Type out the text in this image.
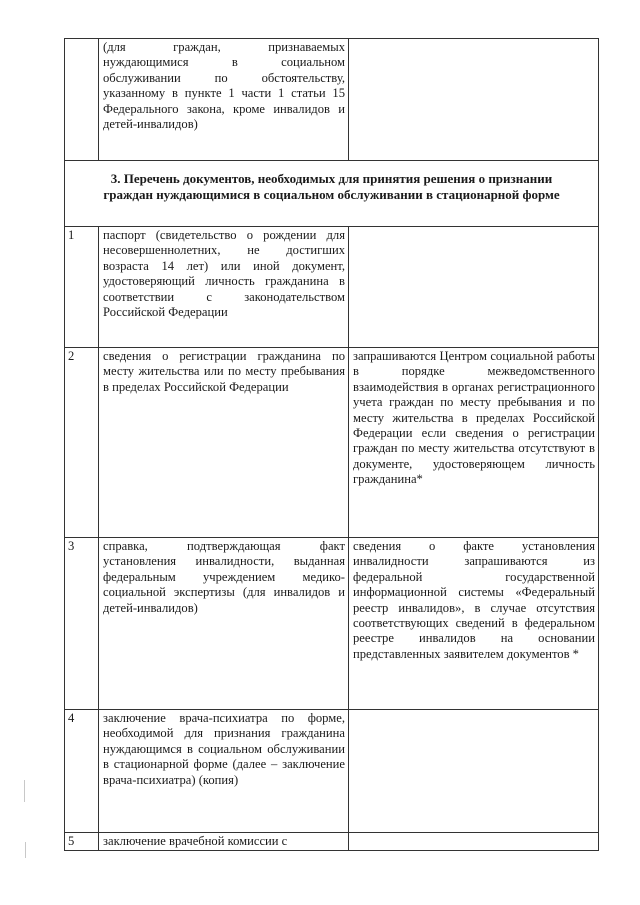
	(для граждан, признаваемых нуждающимися в социальном обслуживании по обстоятельству, указанному в пункте 1 части 1 статьи 15 Федерального закона, кроме инвалидов и детей-инвалидов)	
3. Перечень документов, необходимых для принятия решения о признании граждан нуждающимися в социальном обслуживании в стационарной форме		
1	паспорт (свидетельство о рождении для несовершеннолетних, не достигших возраста 14 лет) или иной документ, удостоверяющий личность гражданина в соответствии с законодательством Российской Федерации	
2	сведения о регистрации гражданина по месту жительства или по месту пребывания в пределах Российской Федерации	запрашиваются Центром социальной работы в порядке межведомственного взаимодействия в органах регистрационного учета граждан по месту пребывания и по месту жительства в пределах Российской Федерации если сведения о регистрации граждан по месту жительства отсутствуют в документе, удостоверяющем личность гражданина*
3	справка, подтверждающая факт установления инвалидности, выданная федеральным учреждением медико-социальной экспертизы (для инвалидов и детей-инвалидов)	сведения о факте установления инвалидности запрашиваются из федеральной государственной информационной системы «Федеральный реестр инвалидов», в случае отсутствия соответствующих сведений в федеральном реестре инвалидов на основании представленных заявителем документов *
4	заключение врача-психиатра по форме, необходимой для признания гражданина нуждающимся в социальном обслуживании в стационарной форме (далее – заключение врача-психиатра) (копия)	
5	заключение врачебной комиссии с	
